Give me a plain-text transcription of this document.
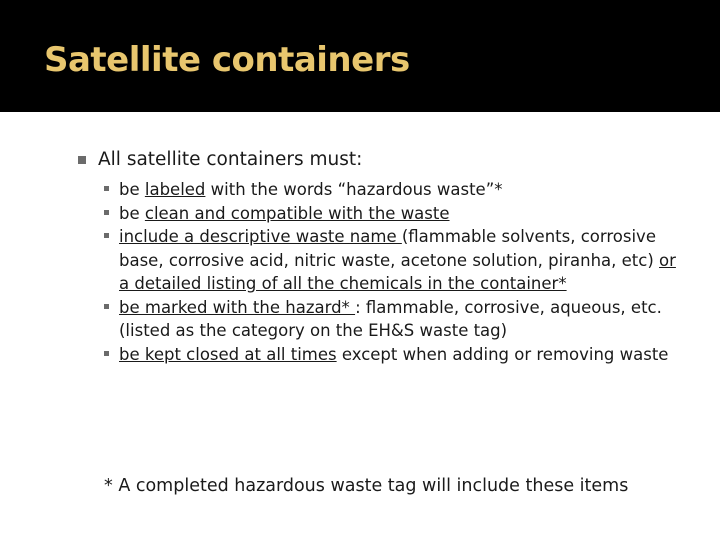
Satellite containers
All satellite containers must:
be labeled with the words “hazardous waste”*
be clean and compatible with the waste
include a descriptive waste name (flammable solvents, corrosive base, corrosive acid, nitric waste, acetone solution, piranha, etc) or a detailed listing of all the chemicals in the container*
be marked with the hazard* : flammable, corrosive, aqueous, etc. (listed as the category on the EH&S waste tag)
be kept closed at all times except when adding or removing waste
* A completed hazardous waste tag will include these items
